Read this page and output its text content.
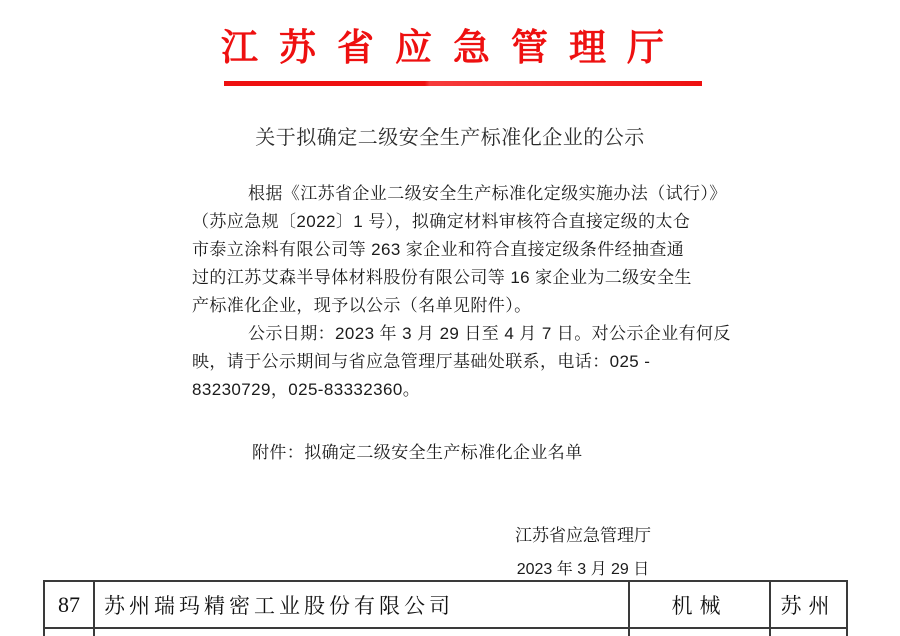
江苏省应急管理厅
关于拟确定二级安全生产标准化企业的公示
根据《江苏省企业二级安全生产标准化定级实施办法（试行）》
（苏应急规〔2022〕1 号），拟确定材料审核符合直接定级的太仓
市泰立涂料有限公司等 263 家企业和符合直接定级条件经抽查通
过的江苏艾森半导体材料股份有限公司等 16 家企业为二级安全生
产标准化企业，现予以公示（名单见附件）。
公示日期：2023 年 3 月 29 日至 4 月 7 日。对公示企业有何反
映，请于公示期间与省应急管理厅基础处联系，电话：025 -
83230729，025-83332360。
附件：拟确定二级安全生产标准化企业名单
江苏省应急管理厅
2023 年 3 月 29 日
87	苏州瑞玛精密工业股份有限公司	机械	苏州
